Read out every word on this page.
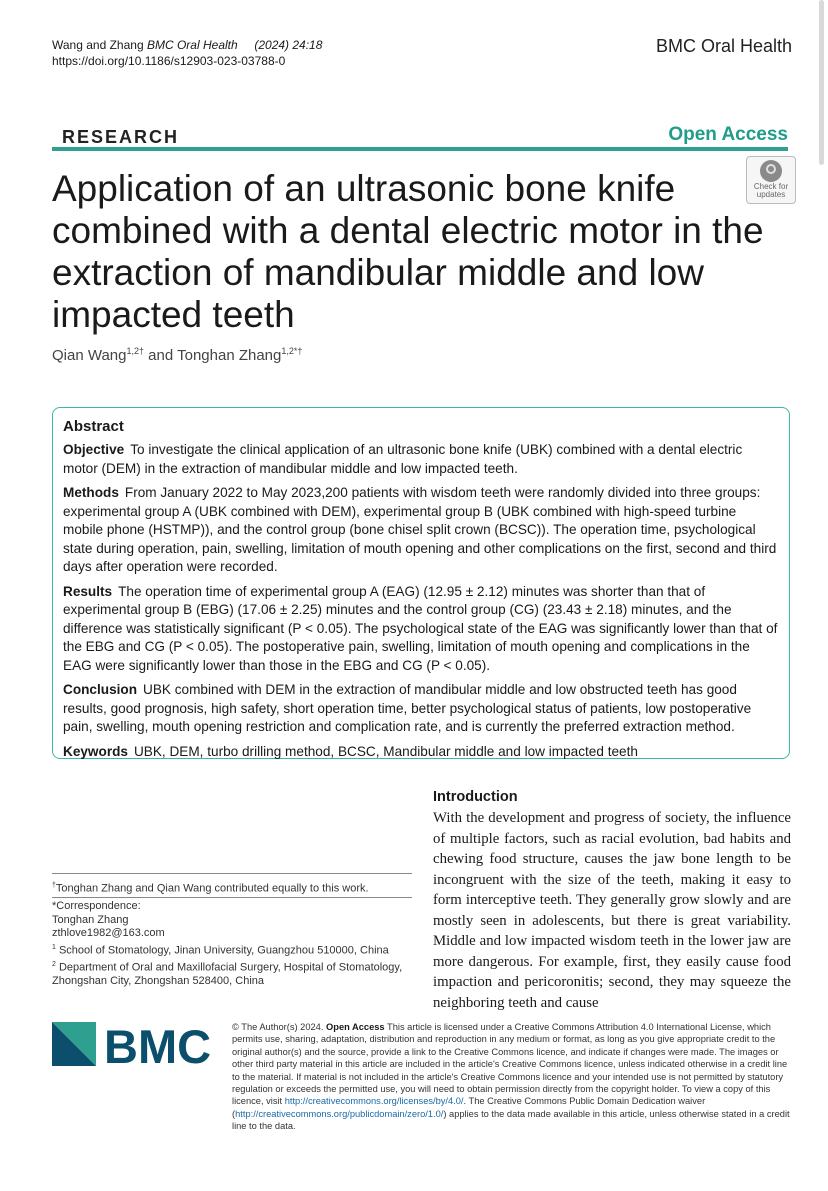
Wang and Zhang BMC Oral Health (2024) 24:18
https://doi.org/10.1186/s12903-023-03788-0
BMC Oral Health
RESEARCH	Open Access
Check for updates
Application of an ultrasonic bone knife combined with a dental electric motor in the extraction of mandibular middle and low impacted teeth
Qian Wang$^{1,2\dagger}$ and Tonghan Zhang$^{1,2*\dagger}$
Abstract

Objective To investigate the clinical application of an ultrasonic bone knife (UBK) combined with a dental electric motor (DEM) in the extraction of mandibular middle and low impacted teeth.

Methods From January 2022 to May 2023,200 patients with wisdom teeth were randomly divided into three groups: experimental group A (UBK combined with DEM), experimental group B (UBK combined with high-speed turbine mobile phone (HSTMP)), and the control group (bone chisel split crown (BCSC)). The operation time, psychological state during operation, pain, swelling, limitation of mouth opening and other complications on the first, second and third days after operation were recorded.

Results The operation time of experimental group A (EAG) (12.95 ± 2.12) minutes was shorter than that of experimental group B (EBG) (17.06 ± 2.25) minutes and the control group (CG) (23.43 ± 2.18) minutes, and the difference was statistically significant (P < 0.05). The psychological state of the EAG was significantly lower than that of the EBG and CG (P < 0.05). The postoperative pain, swelling, limitation of mouth opening and complications in the EAG were significantly lower than those in the EBG and CG (P < 0.05).

Conclusion UBK combined with DEM in the extraction of mandibular middle and low obstructed teeth has good results, good prognosis, high safety, short operation time, better psychological status of patients, low postoperative pain, swelling, mouth opening restriction and complication rate, and is currently the preferred extraction method.

Keywords UBK, DEM, turbo drilling method, BCSC, Mandibular middle and low impacted teeth

Introduction

With the development and progress of society, the influence of multiple factors, such as racial evolution, bad habits and chewing food structure, causes the jaw bone length to be incongruent with the size of the teeth, making it easy to form interceptive teeth. They generally grow slowly and are mostly seen in adolescents, but there is great variability. Middle and low impacted wisdom teeth in the lower jaw are more dangerous. For example, first, they easily cause food impaction and pericoronitis; second, they may squeeze the neighboring teeth and cause

†Tonghan Zhang and Qian Wang contributed equally to this work.
*Correspondence:
Tonghan Zhang
zthlove1982@163.com
$^1$ School of Stomatology, Jinan University, Guangzhou 510000, China
$^2$ Department of Oral and Maxillofacial Surgery, Hospital of Stomatology, Zhongshan City, Zhongshan 528400, China
BMC © The Author(s) 2024. Open Access This article is licensed under a Creative Commons Attribution 4.0 International License, which permits use, sharing, adaptation, distribution and reproduction in any medium or format, as long as you give appropriate credit to the original author(s) and the source, provide a link to the Creative Commons licence, and indicate if changes were made. The images or other third party material in this article are included in the article's Creative Commons licence, unless indicated otherwise in a credit line to the material. If material is not included in the article's Creative Commons licence and your intended use is not permitted by statutory regulation or exceeds the permitted use, you will need to obtain permission directly from the copyright holder. To view a copy of this licence, visit http://creativecommons.org/licenses/by/4.0/. The Creative Commons Public Domain Dedication waiver (http://creativecommons.org/publicdomain/zero/1.0/) applies to the data made available in this article, unless otherwise stated in a credit line to the data.
